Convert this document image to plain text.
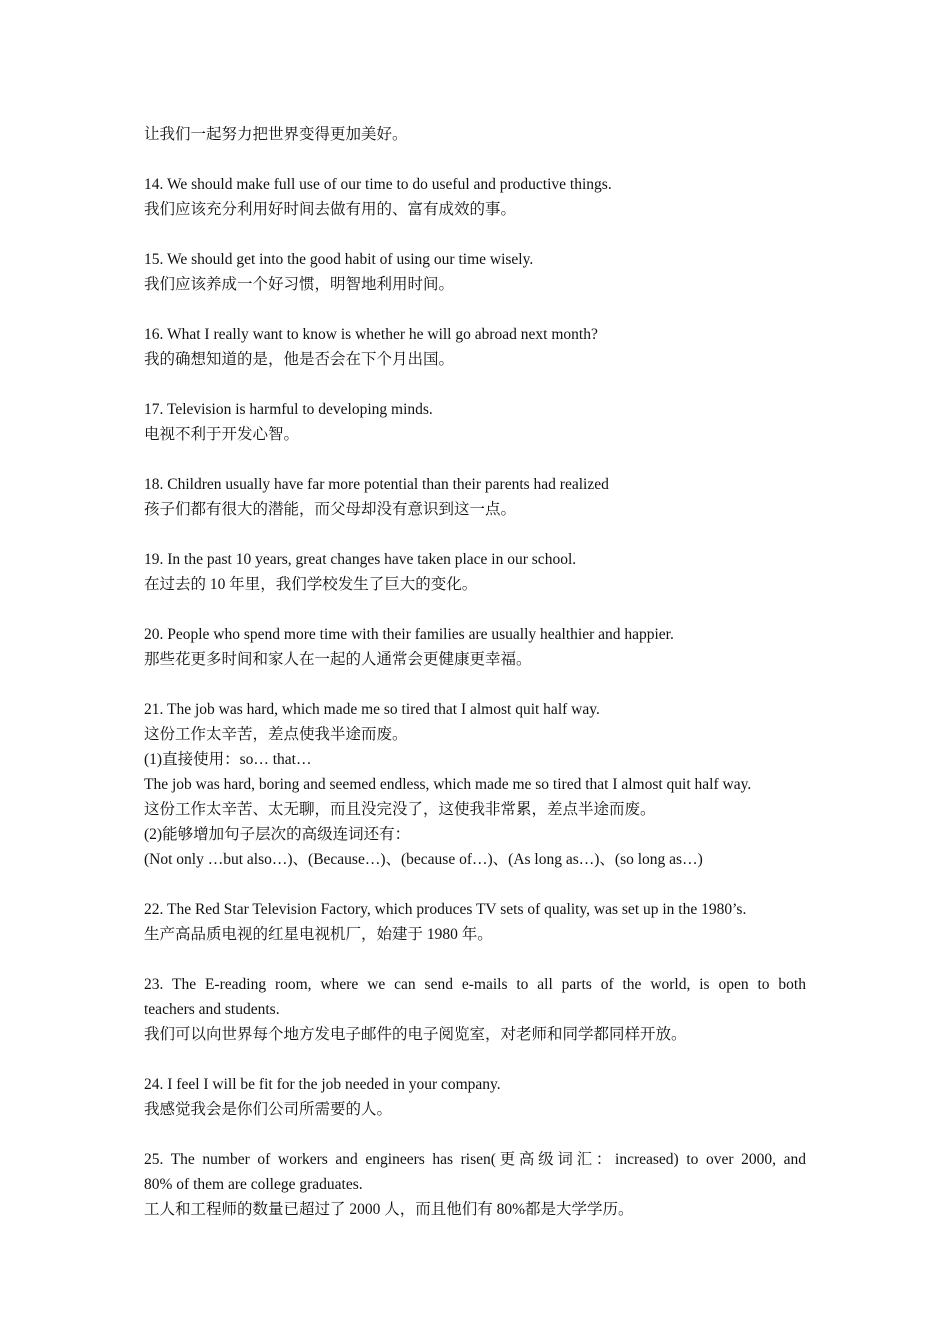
让我们一起努力把世界变得更加美好。
14. We should make full use of our time to do useful and productive things.
我们应该充分利用好时间去做有用的、富有成效的事。
15. We should get into the good habit of using our time wisely.
我们应该养成一个好习惯，明智地利用时间。
16. What I really want to know is whether he will go abroad next month?
我的确想知道的是，他是否会在下个月出国。
17. Television is harmful to developing minds.
电视不利于开发心智。
18. Children usually have far more potential than their parents had realized
孩子们都有很大的潜能，而父母却没有意识到这一点。
19. In the past 10 years, great changes have taken place in our school.
在过去的 10 年里，我们学校发生了巨大的变化。
20. People who spend more time with their families are usually healthier and happier.
那些花更多时间和家人在一起的人通常会更健康更幸福。
21. The job was hard, which made me so tired that I almost quit half way.
这份工作太辛苦，差点使我半途而废。
(1)直接使用：so… that…
The job was hard, boring and seemed endless, which made me so tired that I almost quit half way.
这份工作太辛苦、太无聊，而且没完没了，这使我非常累，差点半途而废。
(2)能够增加句子层次的高级连词还有：
(Not only …but also…)、(Because…)、(because of…)、(As long as…)、(so long as…)
22. The Red Star Television Factory, which produces TV sets of quality, was set up in the 1980’s.
生产高品质电视的红星电视机厂，始建于 1980 年。
23. The E-reading room, where we can send e-mails to all parts of the world, is open to both
teachers and students.
我们可以向世界每个地方发电子邮件的电子阅览室，对老师和同学都同样开放。
24. I feel I will be fit for the job needed in your company.
我感觉我会是你们公司所需要的人。
25. The number of workers and engineers has risen(更高级词汇：increased) to over 2000, and
80% of them are college graduates.
工人和工程师的数量已超过了 2000 人，而且他们有 80%都是大学学历。
